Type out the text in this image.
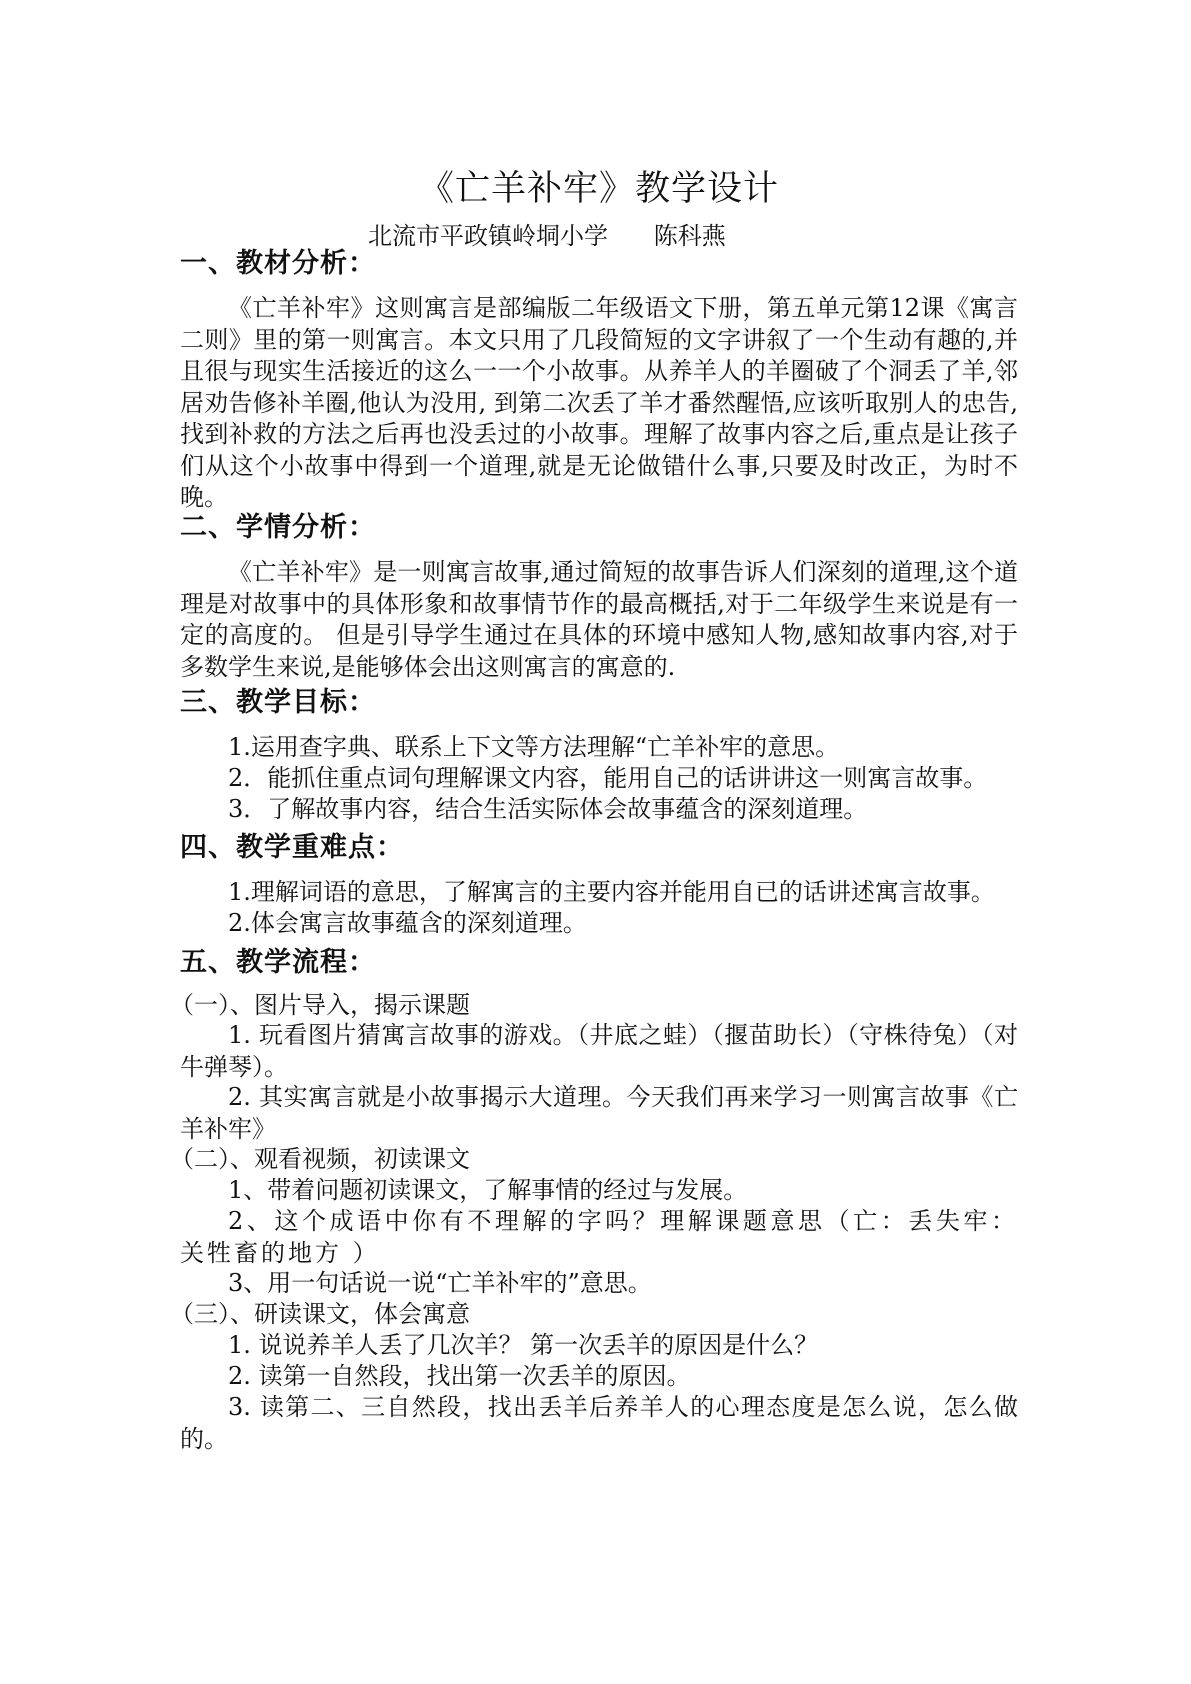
《亡羊补牢》教学设计
北流市平政镇岭垌小学      陈科燕
一、教材分析：
《亡羊补牢》这则寓言是部编版二年级语文下册，第五单元第12课《寓言二则》里的第一则寓言。本文只用了几段简短的文字讲叙了一个生动有趣的,并且很与现实生活接近的这么一一个小故事。从养羊人的羊圈破了个洞丢了羊,邻居劝告修补羊圈,他认为没用, 到第二次丢了羊才番然醒悟,应该听取别人的忠告,找到补救的方法之后再也没丢过的小故事。理解了故事内容之后,重点是让孩子们从这个小故事中得到一个道理,就是无论做错什么事,只要及时改正，为时不晚。
二、学情分析：
《亡羊补牢》是一则寓言故事,通过简短的故事告诉人们深刻的道理,这个道理是对故事中的具体形象和故事情节作的最高概括,对于二年级学生来说是有一定的高度的。 但是引导学生通过在具体的环境中感知人物,感知故事内容,对于多数学生来说,是能够体会出这则寓言的寓意的.
三、教学目标：
1.运用查字典、联系上下文等方法理解“亡羊补牢的意思。
2．能抓住重点词句理解课文内容，能用自己的话讲讲这一则寓言故事。
3．了解故事内容，结合生活实际体会故事蕴含的深刻道理。
四、教学重难点：
1.理解词语的意思，了解寓言的主要内容并能用自已的话讲述寓言故事。
2.体会寓言故事蕴含的深刻道理。
五、教学流程：
（一）、图片导入，揭示课题
1. 玩看图片猜寓言故事的游戏。（井底之蛙）（揠苗助长）（守株待兔）（对牛弹琴）。
2. 其实寓言就是小故事揭示大道理。今天我们再来学习一则寓言故事《亡羊补牢》
（二）、观看视频，初读课文
1、带着问题初读课文，了解事情的经过与发展。
2、这个成语中你有不理解的字吗？理解课题意思（亡：丢失牢：关牲畜的地方 ）
3、用一句话说一说“亡羊补牢的”意思。
（三）、研读课文，体会寓意
1. 说说养羊人丢了几次羊？ 第一次丢羊的原因是什么？
2. 读第一自然段，找出第一次丢羊的原因。
3. 读第二、三自然段，找出丢羊后养羊人的心理态度是怎么说，怎么做的。
